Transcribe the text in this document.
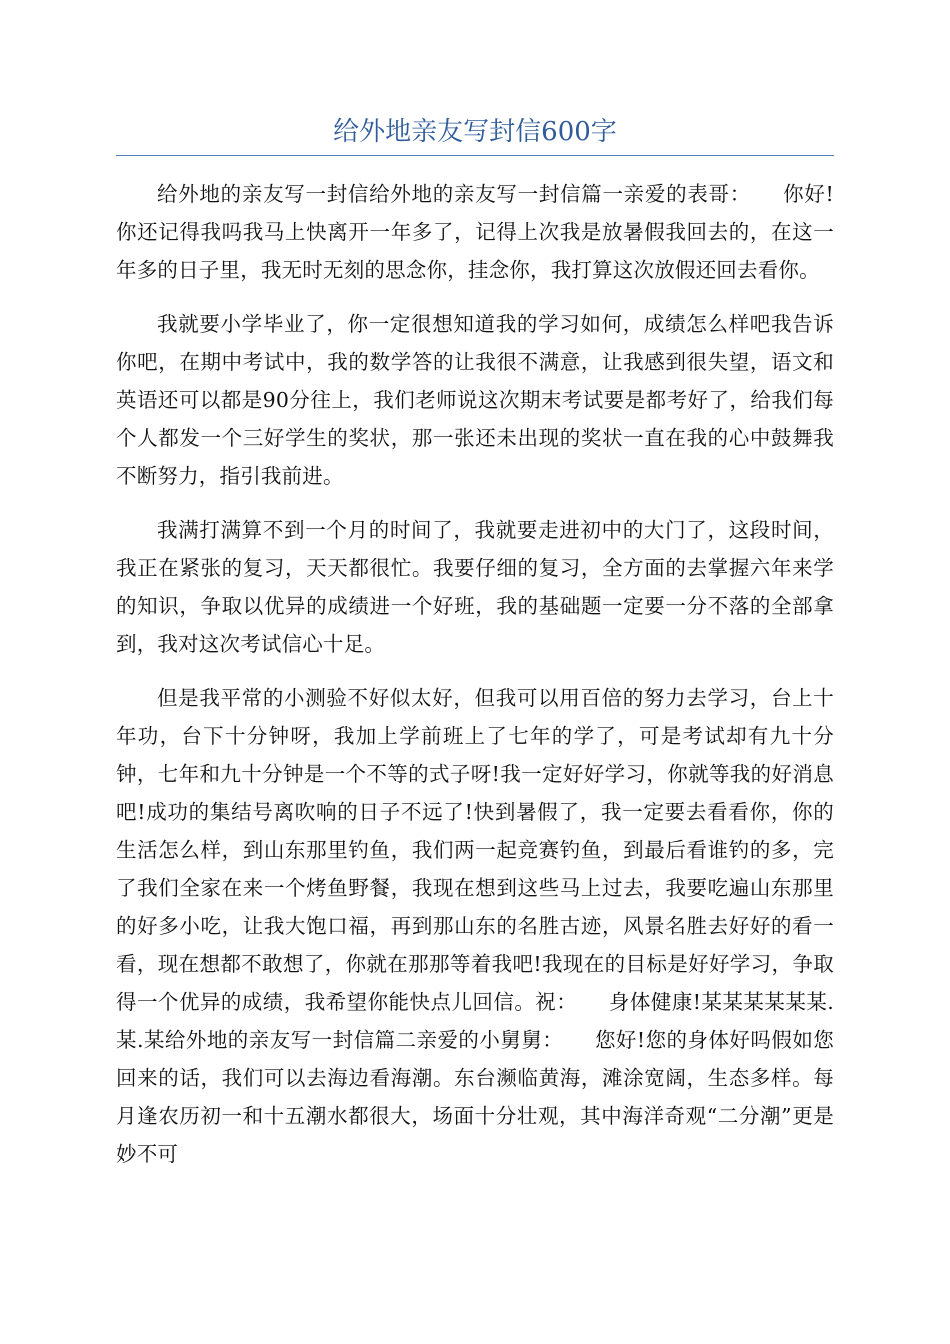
给外地亲友写封信600字

给外地的亲友写一封信给外地的亲友写一封信篇一亲爱的表哥：　　你好!你还记得我吗我马上快离开一年多了，记得上次我是放暑假我回去的，在这一年多的日子里，我无时无刻的思念你，挂念你，我打算这次放假还回去看你。

我就要小学毕业了，你一定很想知道我的学习如何，成绩怎么样吧我告诉你吧，在期中考试中，我的数学答的让我很不满意，让我感到很失望，语文和英语还可以都是90分往上，我们老师说这次期末考试要是都考好了，给我们每个人都发一个三好学生的奖状，那一张还未出现的奖状一直在我的心中鼓舞我不断努力，指引我前进。

我满打满算不到一个月的时间了，我就要走进初中的大门了，这段时间，我正在紧张的复习，天天都很忙。我要仔细的复习，全方面的去掌握六年来学的知识，争取以优异的成绩进一个好班，我的基础题一定要一分不落的全部拿到，我对这次考试信心十足。

但是我平常的小测验不好似太好，但我可以用百倍的努力去学习，台上十年功，台下十分钟呀，我加上学前班上了七年的学了，可是考试却有九十分钟，七年和九十分钟是一个不等的式子呀!我一定好好学习，你就等我的好消息吧!成功的集结号离吹响的日子不远了!快到暑假了，我一定要去看看你，你的生活怎么样，到山东那里钓鱼，我们两一起竞赛钓鱼，到最后看谁钓的多，完了我们全家在来一个烤鱼野餐，我现在想到这些马上过去，我要吃遍山东那里的好多小吃，让我大饱口福，再到那山东的名胜古迹，风景名胜去好好的看一看，现在想都不敢想了，你就在那那等着我吧!我现在的目标是好好学习，争取得一个优异的成绩，我希望你能快点儿回信。祝：　　身体健康!某某某某某某.某.某给外地的亲友写一封信篇二亲爱的小舅舅：　　您好!您的身体好吗假如您回来的话，我们可以去海边看海潮。东台濒临黄海，滩涂宽阔，生态多样。每月逢农历初一和十五潮水都很大，场面十分壮观，其中海洋奇观“二分潮”更是妙不可
